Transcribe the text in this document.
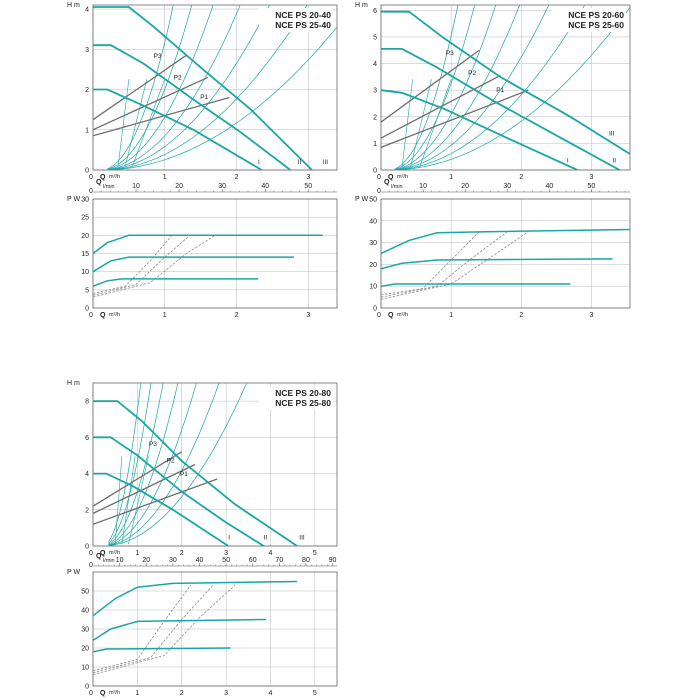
0
1
2
3
4
1	2	3
H m
0 Q m³/h
P3
P2
P1
I	II	III
NCE PS 20-40
NCE PS 25-40
10	20	30	40	50
0
Q
l/min
0
5
10
15
20
25
30
1	2	3
P W
0 Q m³/h
0
1
2
3
4
5
6
1	2	3
H m
0 Q m³/h
P3
P2
P1
I	II
III
NCE PS 20-60
NCE PS 25-60
10	20	30	40	50
0
Q
l/min
0
10
20
30
40
50
1	2	3
P W
0 Q m³/h
0
2
4
6
8
1	2	3	4	5
H m
0 Q m³/h
P3
P2
P1
I	II	III
NCE PS 20-80
NCE PS 25-80
10	20	30	40	50	60	70	80	90
0
Q
l/min
0
10
20
30
40
50
1	2	3	4	5
P W
0 Q m³/h
